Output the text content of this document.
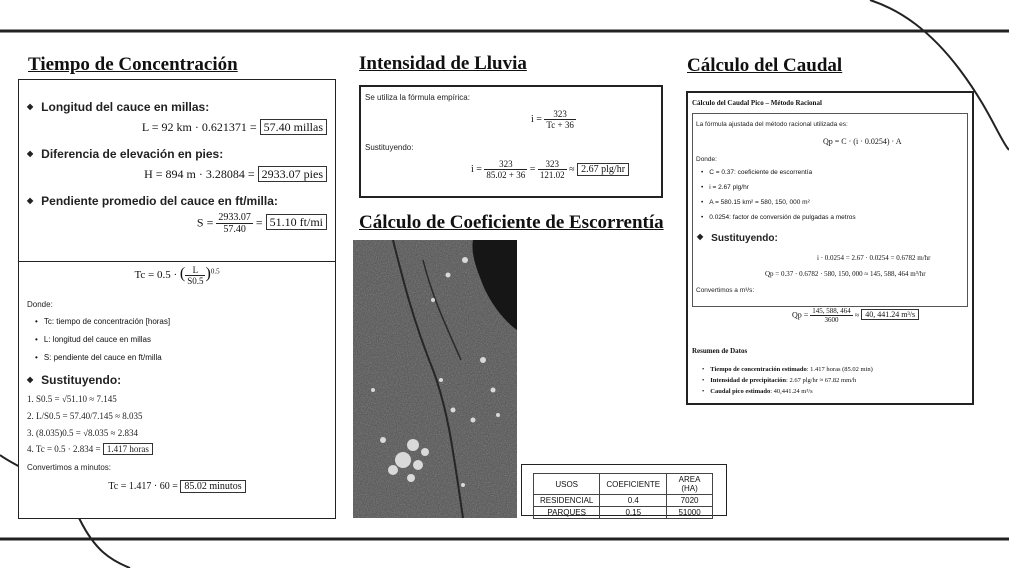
Tiempo de Concentración	Intensidad de Lluvia
Cálculo de Coeficiente de Escorrentía
Cálculo del Caudal
◆ Longitud del cauce en millas:
L = 92 km · 0.621371 = 57.40 millas
◆ Diferencia de elevación en pies:
H = 894 m · 3.28084 = 2933.07 pies
◆ Pendiente promedio del cauce en ft/milla:
$S = \frac{2933.07}{57.40} = 51.10$ ft/mi
Tc = 0.5 · ( $\frac{L}{S0.5} )^{0.5}$
Donde:
• Tc: tiempo de concentración [horas]
• L: longitud del cauce en millas
• S: pendiente del cauce en ft/milla
◆ Sustituyendo:
1. S0.5 = √51.10 ≈ 7.145
2. L/S0.5 = 57.40/7.145 ≈ 8.035
3. (8.035)0.5 = √8.035 ≈ 2.834
4. Tc = 0.5 · 2.834 = 1.417 horas
Convertimos a minutos:
Tc = 1.417 · 60 = 85.02 minutos
Se utiliza la fórmula empírica:
$i = \frac{323}{Tc + 36}$
Sustituyendo:
$i = \frac{323}{85.02 + 36} = \frac{323}{121.02} \approx 2.67$ plg/hr
USOS	COEFICIENTE	AREA (HA)
RESIDENCIAL	0.4	7020
PARQUES	0.15	51000
Cálculo del Caudal Pico – Método Racional
La fórmula ajustada del método racional utilizada es:
Qp = C · (i · 0.0254) · A
Donde:
• C = 0.37: coeficiente de escorrentía
• i = 2.67 plg/hr
• A = 580.15 km² = 580, 150, 000 m²
• 0.0254: factor de conversión de pulgadas a metros
◆ Sustituyendo:
i · 0.0254 = 2.67 · 0.0254 = 0.6782 m/hr
Qp = 0.37 · 0.6782 · 580, 150, 000 ≈ 145, 588, 464 m³/hr
Convertimos a m³/s:
$Qp = \frac{145, 588, 464}{3600} \approx 40$, 441.24 m³/s
Resumen de Datos
• Tiempo de concentración estimado: 1.417 horas (85.02 min)
• Intensidad de precipitación: 2.67 plg/hr ≈ 67.82 mm/h
• Caudal pico estimado: 40,441.24 m³/s
